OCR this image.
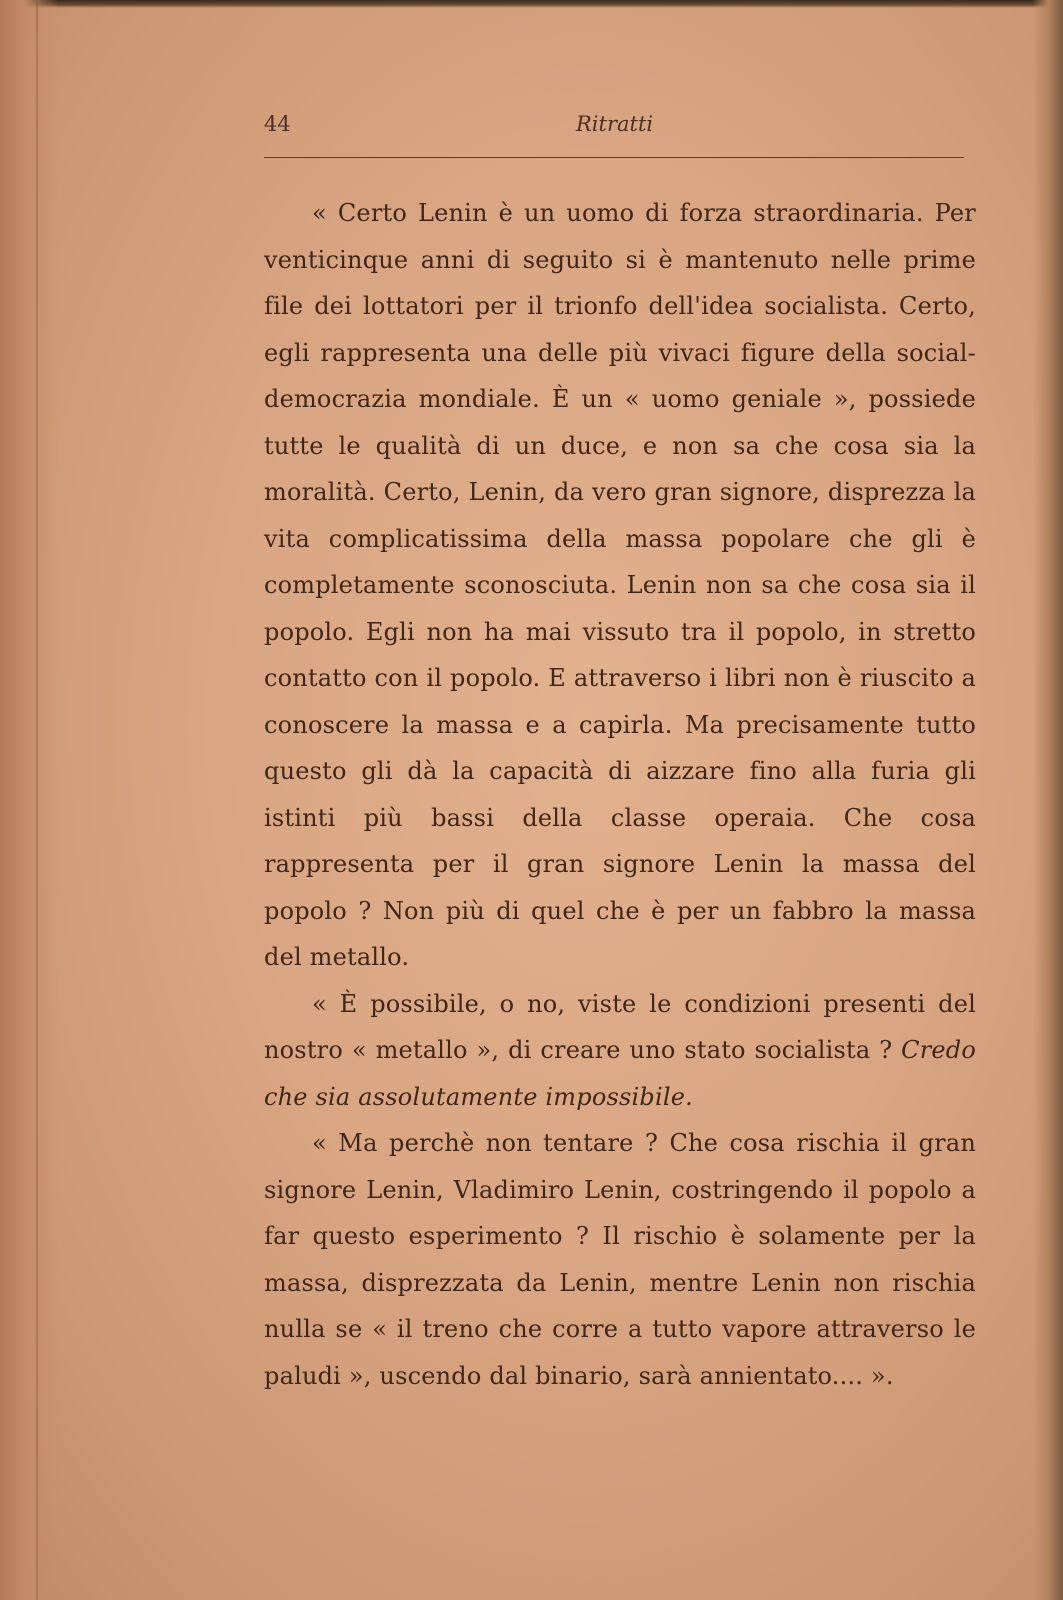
44	Ritratti

« Certo Lenin è un uomo di forza straordinaria. Per venticinque anni di seguito si è mantenuto nelle prime file dei lottatori per il trionfo dell'idea socialista. Certo, egli rappresenta una delle più vivaci figure della social-democrazia mondiale. È un « uomo geniale », possiede tutte le qualità di un duce, e non sa che cosa sia la moralità. Certo, Lenin, da vero gran signore, disprezza la vita complicatissima della massa popolare che gli è completamente sconosciuta. Lenin non sa che cosa sia il popolo. Egli non ha mai vissuto tra il popolo, in stretto contatto con il popolo. E attraverso i libri non è riuscito a conoscere la massa e a capirla. Ma precisamente tutto questo gli dà la capacità di aizzare fino alla furia gli istinti più bassi della classe operaia. Che cosa rappresenta per il gran signore Lenin la massa del popolo ? Non più di quel che è per un fabbro la massa del metallo.

« È possibile, o no, viste le condizioni presenti del nostro « metallo », di creare uno stato socialista ? Credo che sia assolutamente impossibile.

« Ma perchè non tentare ? Che cosa rischia il gran signore Lenin, Vladimiro Lenin, costringendo il popolo a far questo esperimento ? Il rischio è solamente per la massa, disprezzata da Lenin, mentre Lenin non rischia nulla se « il treno che corre a tutto vapore attraverso le paludi », uscendo dal binario, sarà annientato.... ».
